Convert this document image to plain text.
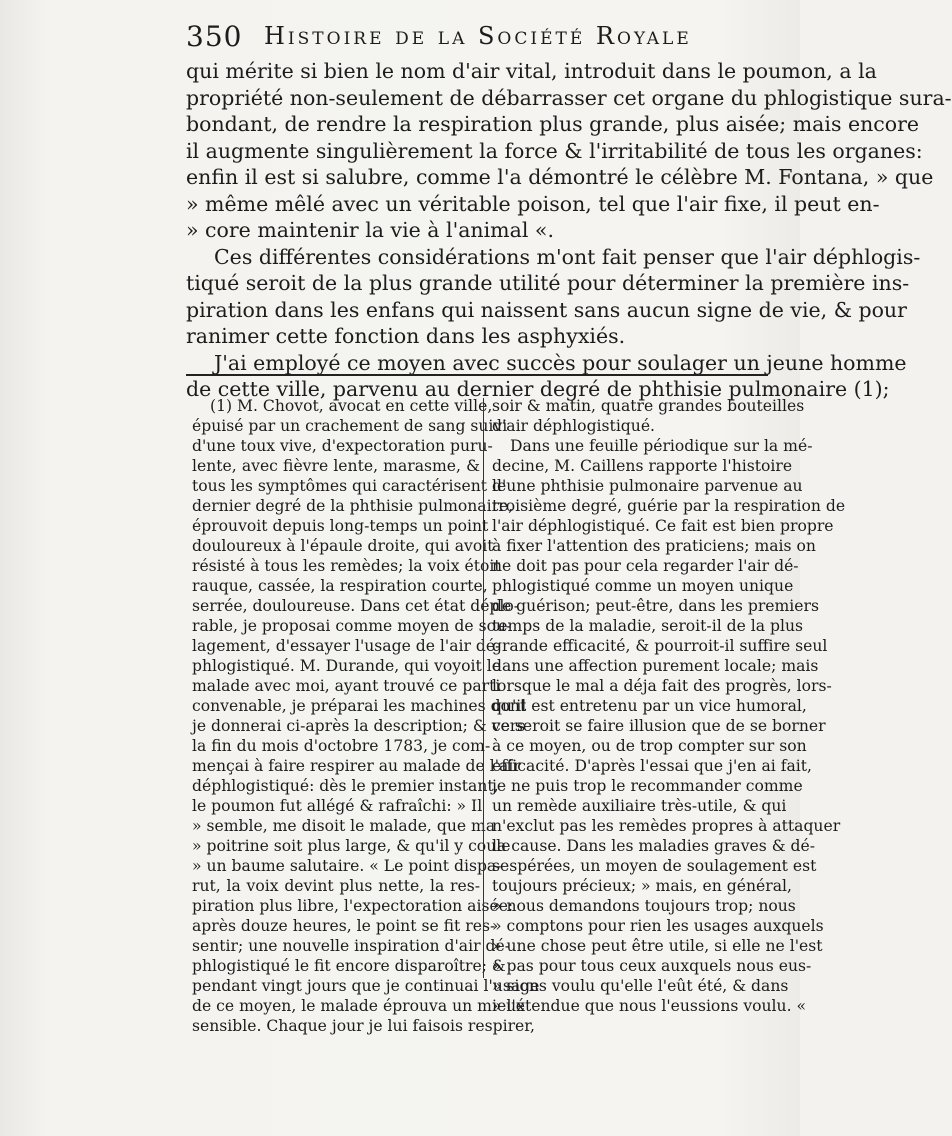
350 Histoire de la Société Royale

qui mérite si bien le nom d'air vital, introduit dans le poumon, a la
propriété non-seulement de débarrasser cet organe du phlogistique sura-
bondant, de rendre la respiration plus grande, plus aisée; mais encore
il augmente singulièrement la force & l'irritabilité de tous les organes:
enfin il est si salubre, comme l'a démontré le célèbre M. Fontana, » que
» même mêlé avec un véritable poison, tel que l'air fixe, il peut en-
» core maintenir la vie à l'animal «.

Ces différentes considérations m'ont fait penser que l'air déphlogis-
tiqué seroit de la plus grande utilité pour déterminer la première ins-
piration dans les enfans qui naissent sans aucun signe de vie, & pour
ranimer cette fonction dans les asphyxiés.

J'ai employé ce moyen avec succès pour soulager un jeune homme
de cette ville, parvenu au dernier degré de phthisie pulmonaire (1);

(1) M. Chovot, avocat en cette ville,
épuisé par un crachement de sang suivi
d'une toux vive, d'expectoration puru-
lente, avec fièvre lente, marasme, &
tous les symptômes qui caractérisent le
dernier degré de la phthisie pulmonaire,
éprouvoit depuis long-temps un point
douloureux à l'épaule droite, qui avoit
résisté à tous les remèdes; la voix étoit
rauque, cassée, la respiration courte,
serrée, douloureuse. Dans cet état déplo-
rable, je proposai comme moyen de sou-
lagement, d'essayer l'usage de l'air dé-
phlogistiqué. M. Durande, qui voyoit le
malade avec moi, ayant trouvé ce parti
convenable, je préparai les machines dont
je donnerai ci-après la description; & vers
la fin du mois d'octobre 1783, je com-
mençai à faire respirer au malade de l'air
déphlogistiqué: dès le premier instant,
le poumon fut allégé & rafraîchi: » Il
» semble, me disoit le malade, que ma
» poitrine soit plus large, & qu'il y coule
» un baume salutaire. « Le point dispa-
rut, la voix devint plus nette, la res-
piration plus libre, l'expectoration aisée:
après douze heures, le point se fit res-
sentir; une nouvelle inspiration d'air dé-
phlogistiqué le fit encore disparoître; &
pendant vingt jours que je continuai l'usage
de ce moyen, le malade éprouva un mieux
sensible. Chaque jour je lui faisois respirer,
soir & matin, quatre grandes bouteilles
d'air déphlogistiqué.
Dans une feuille périodique sur la mé-
decine, M. Caillens rapporte l'histoire
d'une phthisie pulmonaire parvenue au
troisième degré, guérie par la respiration de
l'air déphlogistiqué. Ce fait est bien propre
à fixer l'attention des praticiens; mais on
ne doit pas pour cela regarder l'air dé-
phlogistiqué comme un moyen unique
de guérison; peut-être, dans les premiers
temps de la maladie, seroit-il de la plus
grande efficacité, & pourroit-il suffire seul
dans une affection purement locale; mais
lorsque le mal a déja fait des progrès, lors-
qu'il est entretenu par un vice humoral,
ce seroit se faire illusion que de se borner
à ce moyen, ou de trop compter sur son
efficacité. D'après l'essai que j'en ai fait,
je ne puis trop le recommander comme
un remède auxiliaire très-utile, & qui
n'exclut pas les remèdes propres à attaquer
la cause. Dans les maladies graves & dé-
sespérées, un moyen de soulagement est
toujours précieux; » mais, en général,
» nous demandons toujours trop; nous
» comptons pour rien les usages auxquels
» une chose peut être utile, si elle ne l'est
» pas pour tous ceux auxquels nous eus-
» sions voulu qu'elle l'eût été, & dans
» l'étendue que nous l'eussions voulu. «
